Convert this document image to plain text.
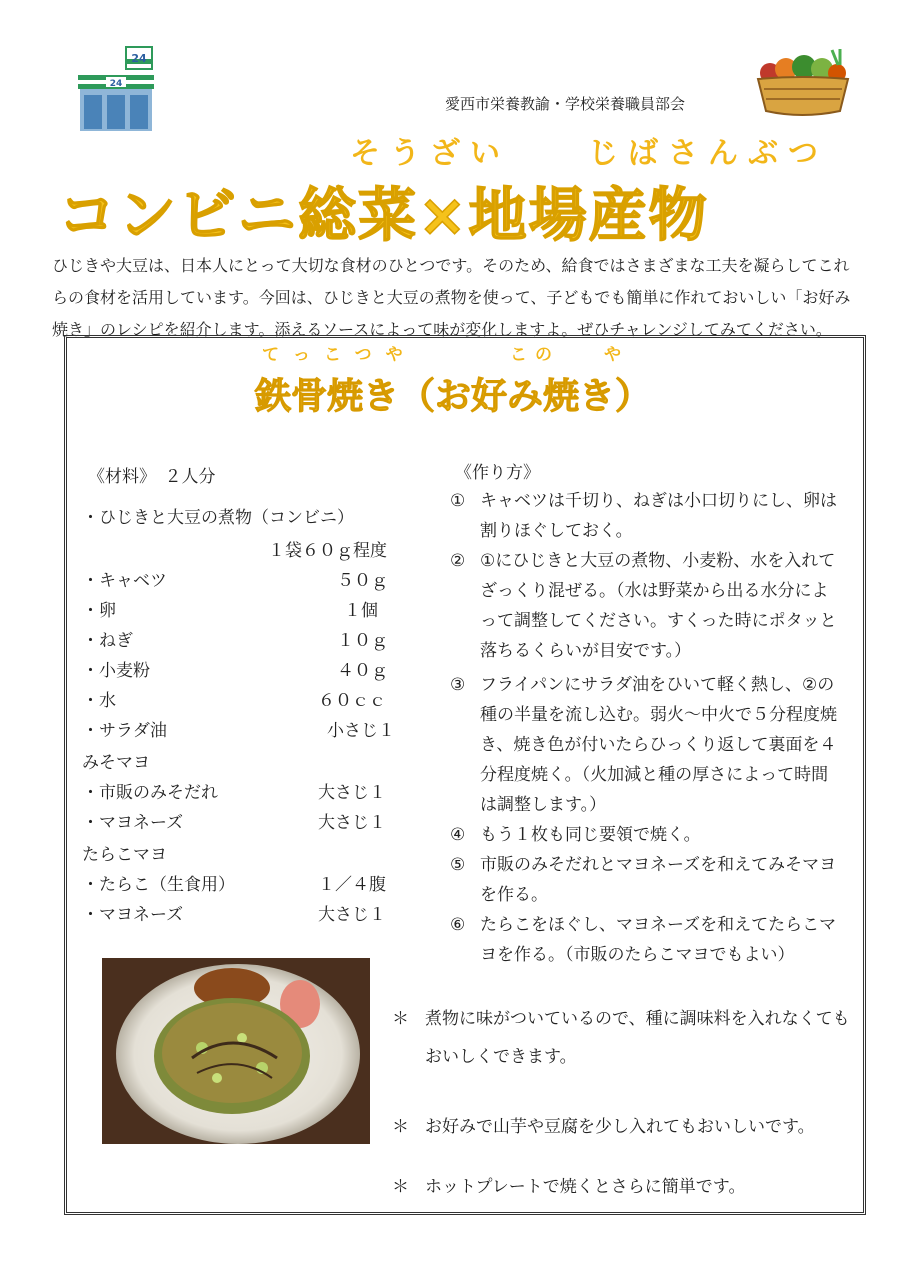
24
24
愛西市栄養教諭・学校栄養職員部会
そうざい	じばさんぶつ
コンビニ総菜×地場産物
ひじきや大豆は、日本人にとって大切な食材のひとつです。そのため、給食ではさまざまな工夫を凝らしてこれらの食材を活用しています。今回は、ひじきと大豆の煮物を使って、子どもでも簡単に作れておいしい「お好み焼き」のレシピを紹介します。添えるソースによって味が変化しますよ。ぜひチャレンジしてみてください。
てっこつや	この	や
鉄骨焼き（お好み焼き）
《材料》　２人分
・ひじきと大豆の煮物（コンビニ）
１袋６０ｇ程度
・キャベツ	５０ｇ
・卵	１個
・ねぎ	１０ｇ
・小麦粉	４０ｇ
・水	６０ｃｃ
・サラダ油	小さじ１
みそマヨ
・市販のみそだれ	大さじ１
・マヨネーズ	大さじ１
たらこマヨ
・たらこ（生食用）	１／４腹
・マヨネーズ	大さじ１
《作り方》
① キャベツは千切り、ねぎは小口切りにし、卵は割りほぐしておく。
② ①にひじきと大豆の煮物、小麦粉、水を入れてざっくり混ぜる。（水は野菜から出る水分によって調整してください。すくった時にポタッと落ちるくらいが目安です。）
③ フライパンにサラダ油をひいて軽く熱し、②の種の半量を流し込む。弱火～中火で５分程度焼き、焼き色が付いたらひっくり返して裏面を４分程度焼く。（火加減と種の厚さによって時間は調整します。）
④ もう１枚も同じ要領で焼く。
⑤ 市販のみそだれとマヨネーズを和えてみそマヨを作る。
⑥ たらこをほぐし、マヨネーズを和えてたらこマヨを作る。（市販のたらこマヨでもよい）
＊ 煮物に味がついているので、種に調味料を入れなくてもおいしくできます。
＊ お好みで山芋や豆腐を少し入れてもおいしいです。
＊ ホットプレートで焼くとさらに簡単です。
